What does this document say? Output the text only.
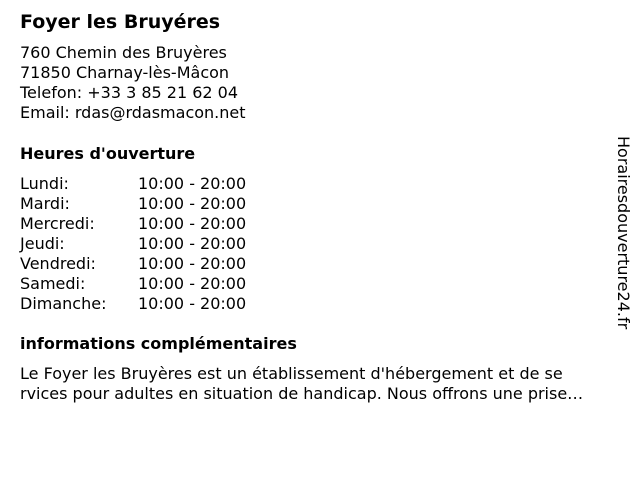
Foyer les Bruyéres
760 Chemin des Bruyères
71850 Charnay-lès-Mâcon
Telefon: +33 3 85 21 62 04
Email: rdas@rdasmacon.net
Heures d'ouverture
Lundi:	10:00 - 20:00
Mardi:	10:00 - 20:00
Mercredi:	10:00 - 20:00
Jeudi:	10:00 - 20:00
Vendredi:	10:00 - 20:00
Samedi:	10:00 - 20:00
Dimanche: 10:00 - 20:00
informations complémentaires
Le Foyer les Bruyères est un établissement d'hébergement et de se
rvices pour adultes en situation de handicap. Nous offrons une prise…
Horairesdouverture24.fr
